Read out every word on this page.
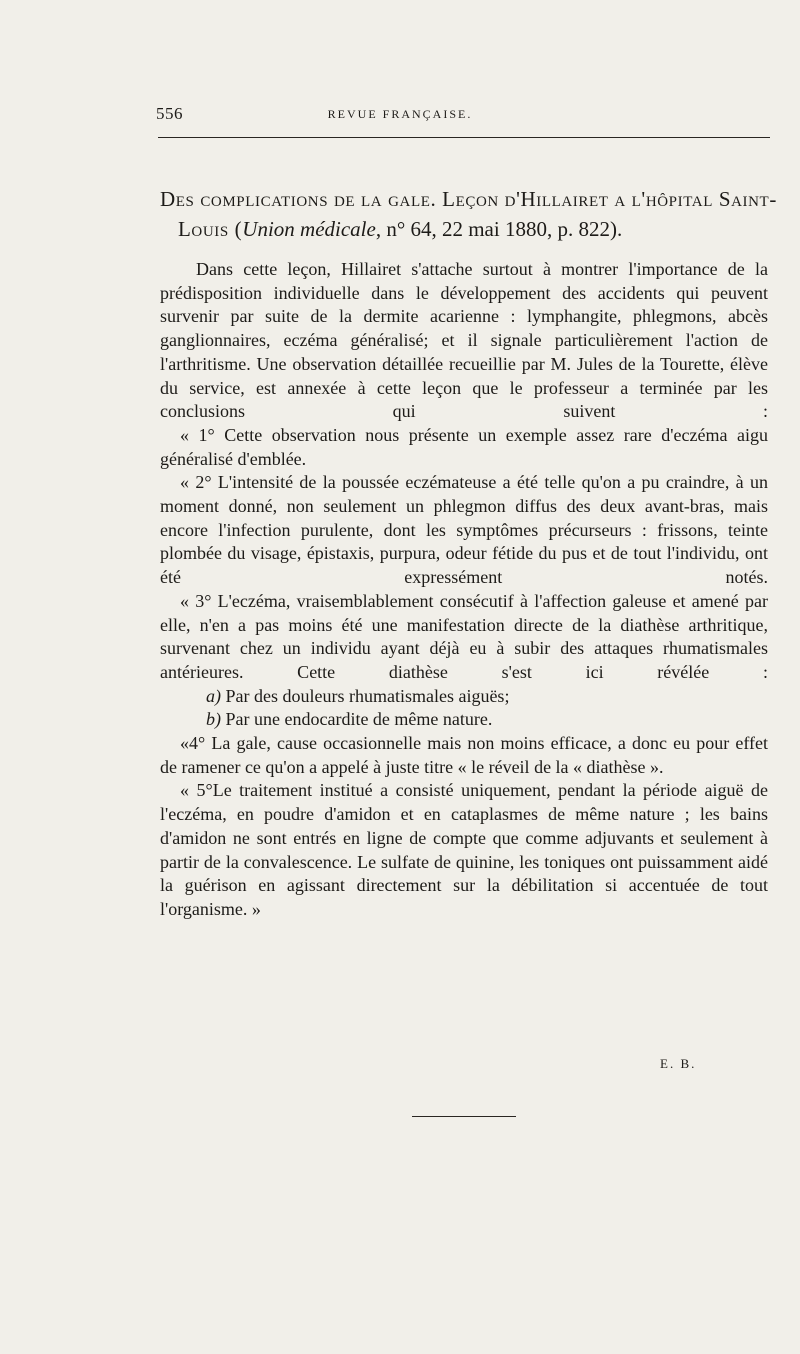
556	REVUE FRANÇAISE.
Des complications de la gale. Leçon d'Hillairet a l'hôpital Saint-
Louis (Union médicale, n° 64, 22 mai 1880, p. 822).

Dans cette leçon, Hillairet s'attache surtout à montrer l'importance de la prédisposition individuelle dans le développement des accidents qui peuvent survenir par suite de la dermite acarienne : lymphangite, phlegmons, abcès ganglionnaires, eczéma généralisé; et il signale particulièrement l'action de l'arthritisme. Une observation détaillée recueillie par M. Jules de la Tourette, élève du service, est annexée à cette leçon que le professeur a terminée par les conclusions qui suivent :

« 1° Cette observation nous présente un exemple assez rare d'eczéma aigu généralisé d'emblée.

« 2° L'intensité de la poussée eczémateuse a été telle qu'on a pu craindre, à un moment donné, non seulement un phlegmon diffus des deux avant-bras, mais encore l'infection purulente, dont les symptômes précurseurs : frissons, teinte plombée du visage, épistaxis, purpura, odeur fétide du pus et de tout l'individu, ont été expressément notés.

« 3° L'eczéma, vraisemblablement consécutif à l'affection galeuse et amené par elle, n'en a pas moins été une manifestation directe de la diathèse arthritique, survenant chez un individu ayant déjà eu à subir des attaques rhumatismales antérieures. Cette diathèse s'est ici révélée :

a) Par des douleurs rhumatismales aiguës;

b) Par une endocardite de même nature.

«4° La gale, cause occasionnelle mais non moins efficace, a donc eu pour effet de ramener ce qu'on a appelé à juste titre « le réveil de la « diathèse ».

« 5°Le traitement institué a consisté uniquement, pendant la période aiguë de l'eczéma, en poudre d'amidon et en cataplasmes de même nature ; les bains d'amidon ne sont entrés en ligne de compte que comme adjuvants et seulement à partir de la convalescence. Le sulfate de quinine, les toniques ont puissamment aidé la guérison en agissant directement sur la débilitation si accentuée de tout l'organisme. »

E. B.
